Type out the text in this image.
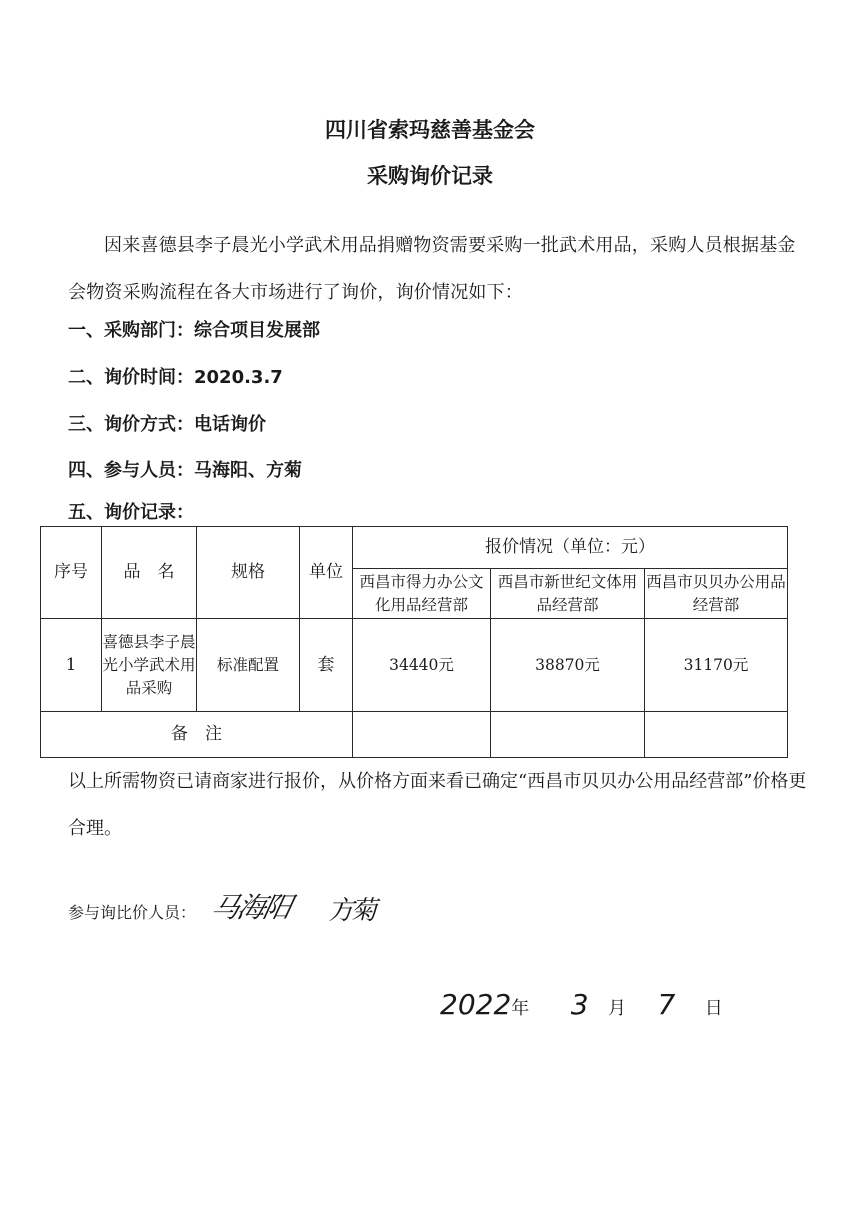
四川省索玛慈善基金会
采购询价记录
因来喜德县李子晨光小学武术用品捐赠物资需要采购一批武术用品，采购人员根据基金会物资采购流程在各大市场进行了询价，询价情况如下：
一、采购部门：综合项目发展部
二、询价时间：2020.3.7
三、询价方式：电话询价
四、参与人员：马海阳、方菊
五、询价记录：
序号	品　名	规格	单位	报价情况（单位：元）		
				西昌市得力办公文化用品经营部	西昌市新世纪文体用品经营部	西昌市贝贝办公用品经营部
1	喜德县李子晨光小学武术用品采购	标准配置	套	34440元	38870元	31170元
备　注						
以上所需物资已请商家进行报价，从价格方面来看已确定“西昌市贝贝办公用品经营部”价格更合理。
参与询比价人员： 马海阳 方菊
2022年 3 月 7 日
